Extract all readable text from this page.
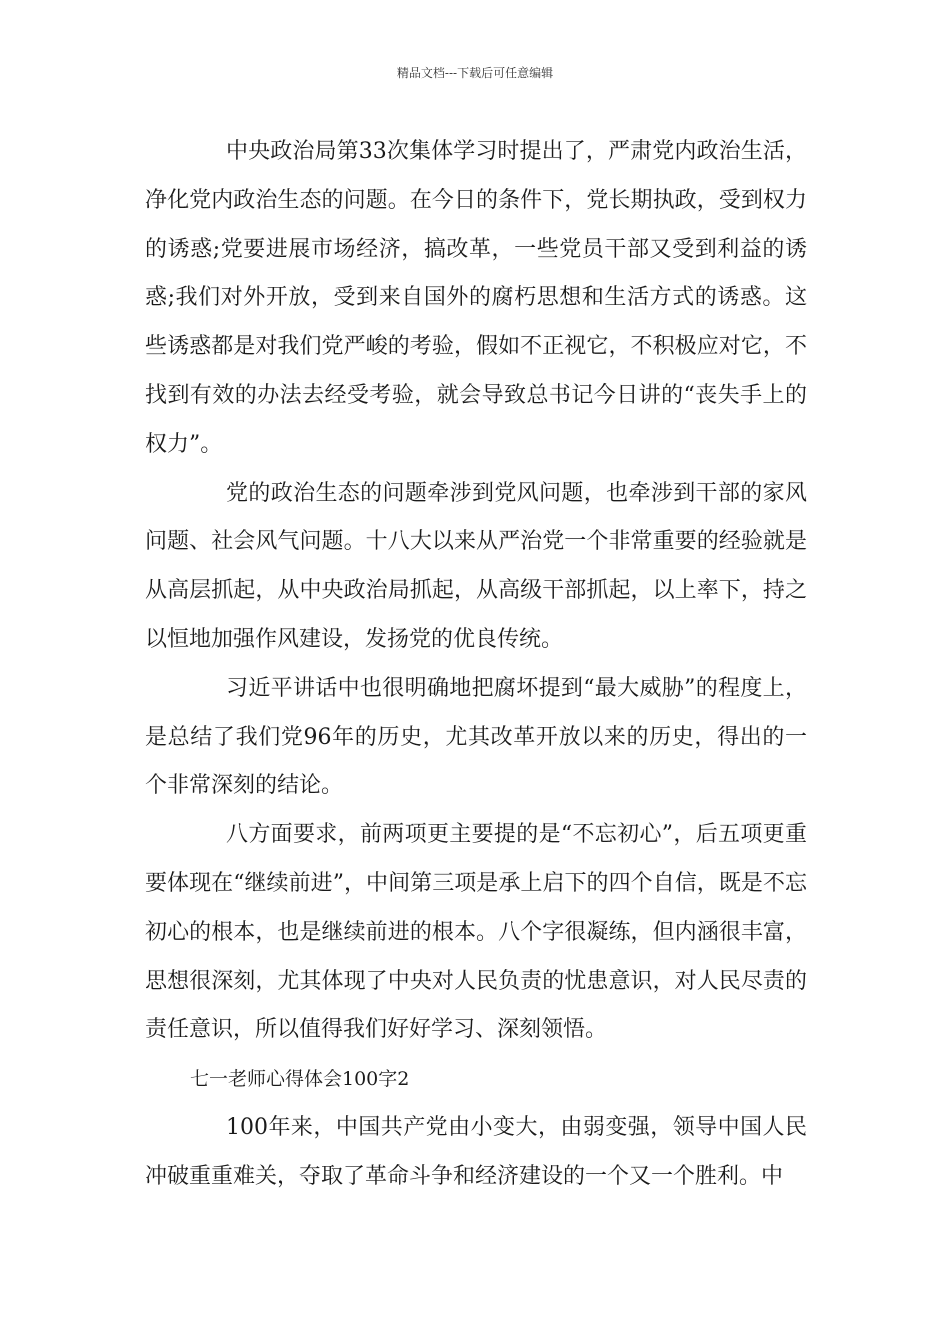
精品文档---下载后可任意编辑

中央政治局第33次集体学习时提出了，严肃党内政治生活，净化党内政治生态的问题。在今日的条件下，党长期执政，受到权力的诱惑;党要进展市场经济，搞改革，一些党员干部又受到利益的诱惑;我们对外开放，受到来自国外的腐朽思想和生活方式的诱惑。这些诱惑都是对我们党严峻的考验，假如不正视它，不积极应对它，不找到有效的办法去经受考验，就会导致总书记今日讲的“丧失手上的权力”。

党的政治生态的问题牵涉到党风问题，也牵涉到干部的家风问题、社会风气问题。十八大以来从严治党一个非常重要的经验就是从高层抓起，从中央政治局抓起，从高级干部抓起，以上率下，持之以恒地加强作风建设，发扬党的优良传统。

习近平讲话中也很明确地把腐坏提到“最大威胁”的程度上，是总结了我们党96年的历史，尤其改革开放以来的历史，得出的一个非常深刻的结论。

八方面要求，前两项更主要提的是“不忘初心”，后五项更重要体现在“继续前进”，中间第三项是承上启下的四个自信，既是不忘初心的根本，也是继续前进的根本。八个字很凝练，但内涵很丰富，思想很深刻，尤其体现了中央对人民负责的忧患意识，对人民尽责的责任意识，所以值得我们好好学习、深刻领悟。

七一老师心得体会100字2

100年来，中国共产党由小变大，由弱变强，领导中国人民冲破重重难关，夺取了革命斗争和经济建设的一个又一个胜利。中
